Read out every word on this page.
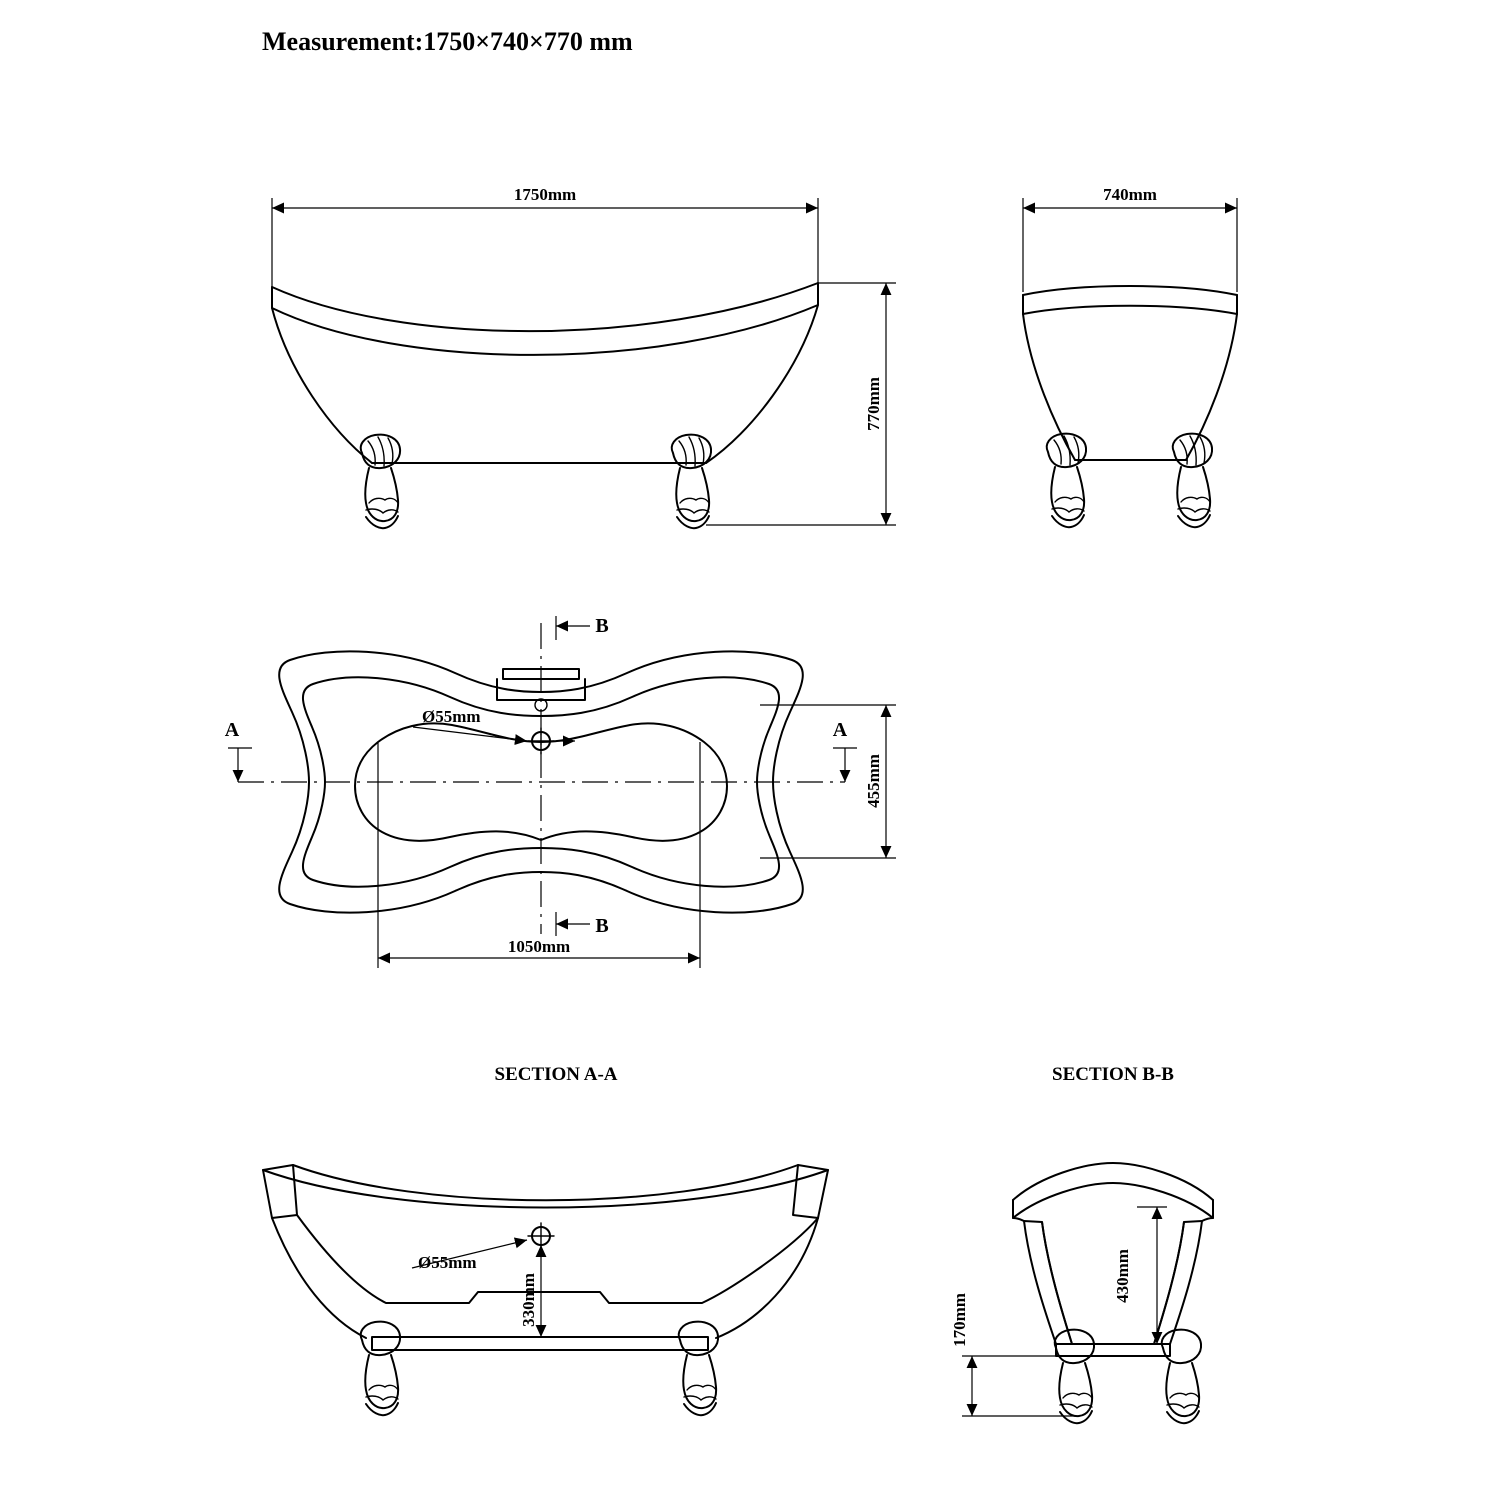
Measurement:1750×740×770 mm
1750mm
770mm
740mm
Ø55mm
A	A
B
B
455mm
1050mm
SECTION A-A
Ø55mm
330mm
SECTION B-B
430mm
170mm
